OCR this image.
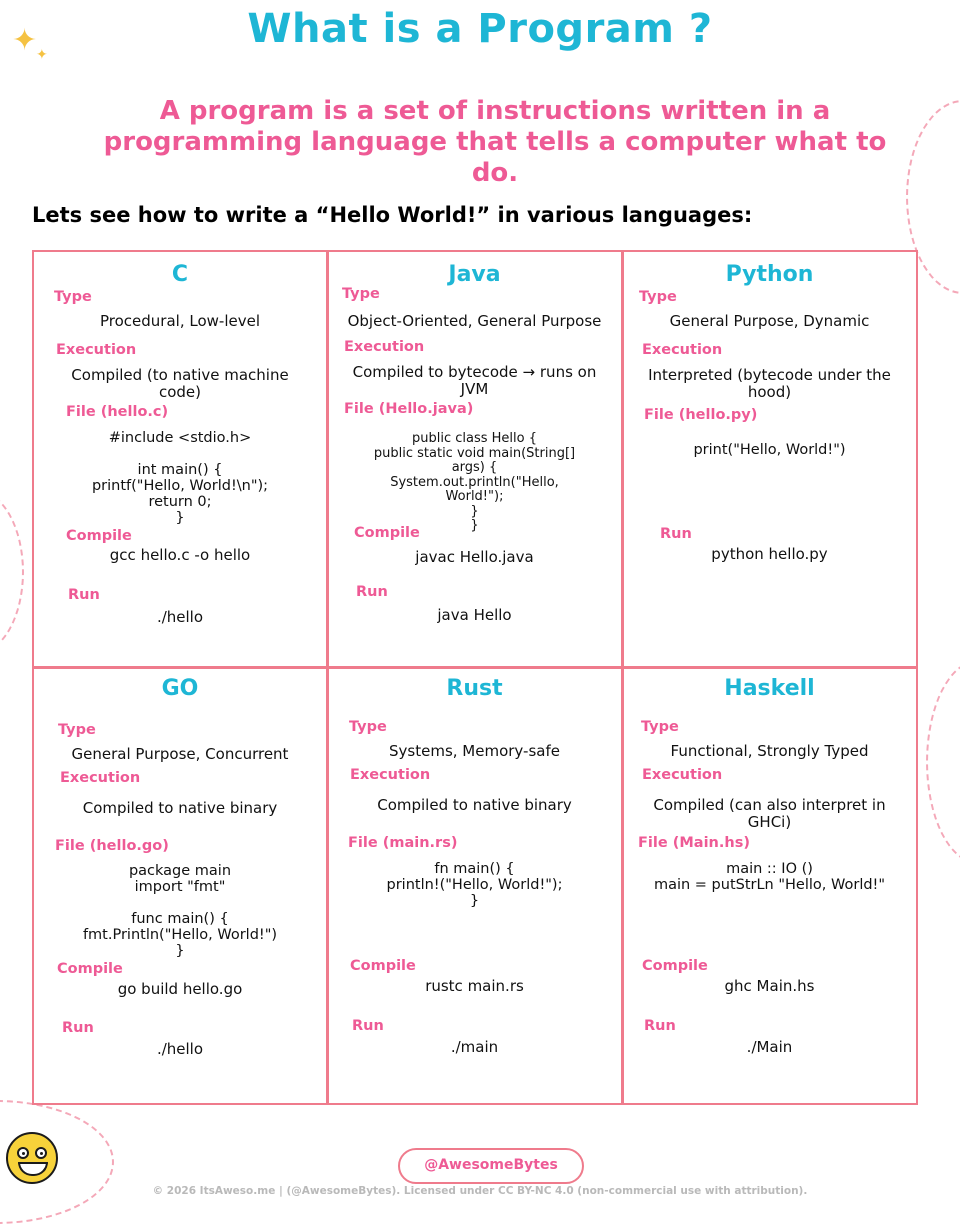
✦
✦
What is a Program ?
A program is a set of instructions written in a programming language that tells a computer what to do.
Lets see how to write a “Hello World!” in various languages:
C
Type
Procedural, Low-level
Execution
Compiled (to native machine
code)
File (hello.c)
#include <stdio.h>

int main() {
printf("Hello, World!\n");
return 0;
}
Compile
gcc hello.c -o hello
Run
./hello
Java
Type
Object-Oriented, General Purpose
Execution
Compiled to bytecode → runs on
JVM
File (Hello.java)
public class Hello {
public static void main(String[]
args) {
System.out.println("Hello,
World!");
}
}
Compile
javac Hello.java
Run
java Hello
Python
Type
General Purpose, Dynamic
Execution
Interpreted (bytecode under the
hood)
File (hello.py)
print("Hello, World!")
Run
python hello.py
GO
Type
General Purpose, Concurrent
Execution
Compiled to native binary
File (hello.go)
package main
import "fmt"

func main() {
fmt.Println("Hello, World!")
}
Compile
go build hello.go
Run
./hello
Rust
Type
Systems, Memory-safe
Execution
Compiled to native binary
File (main.rs)
fn main() {
println!("Hello, World!");
}
Compile
rustc main.rs
Run
./main
Haskell
Type
Functional, Strongly Typed
Execution
Compiled (can also interpret in
GHCi)
File (Main.hs)
main :: IO ()
main = putStrLn "Hello, World!"
Compile
ghc Main.hs
Run
./Main
@AwesomeBytes
© 2026 ItsAweso.me | (@AwesomeBytes). Licensed under CC BY-NC 4.0 (non-commercial use with attribution).
